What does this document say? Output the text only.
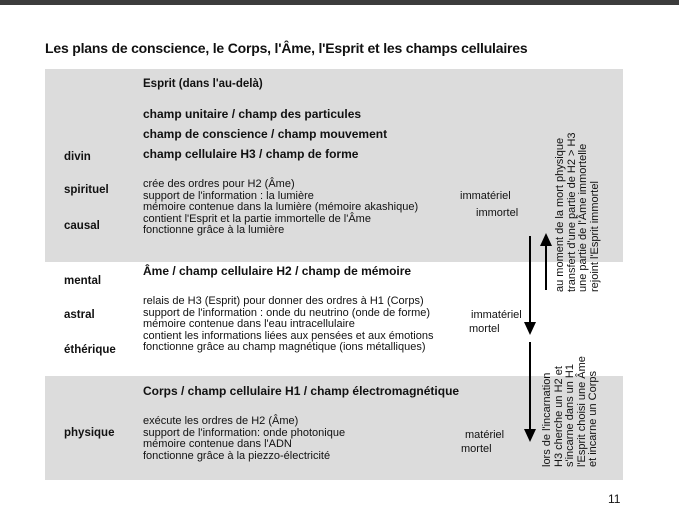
Les plans de conscience, le Corps, l'Âme, l'Esprit et les champs cellulaires
divin
spirituel
causal
mental
astral
éthérique
physique
Esprit (dans l'au-delà)
champ unitaire / champ des particules
champ de conscience / champ mouvement
champ cellulaire H3 / champ de forme
crée des ordres pour H2 (Âme)
support de l'information : la lumière
mémoire contenue dans la lumière (mémoire akashique)
contient l'Esprit et la partie immortelle de l'Âme
fonctionne grâce à la lumière
immatériel
immortel
Âme / champ cellulaire H2 / champ de mémoire
relais de H3 (Esprit) pour donner des ordres à H1 (Corps)
support de l'information : onde du neutrino (onde de forme)
mémoire contenue dans l'eau intracellulaire
contient les informations liées aux pensées et aux émotions
fonctionne grâce au champ magnétique (ions métalliques)
immatériel
mortel
Corps / champ cellulaire H1 / champ électromagnétique
exécute les ordres de H2 (Âme)
support de l'information: onde photonique
mémoire contenue dans l'ADN
fonctionne grâce à la piezzo-électricité
matériel
mortel
au moment de la mort physique transfert d'une partie de H2 > H3 une partie de l'Âme immortelle rejoint l'Esprit immortel
lors de l'incarnation H3 cherche un H2 et s'incarne dans un H1 l'Esprit choisi une Âme et incarne un Corps
11
